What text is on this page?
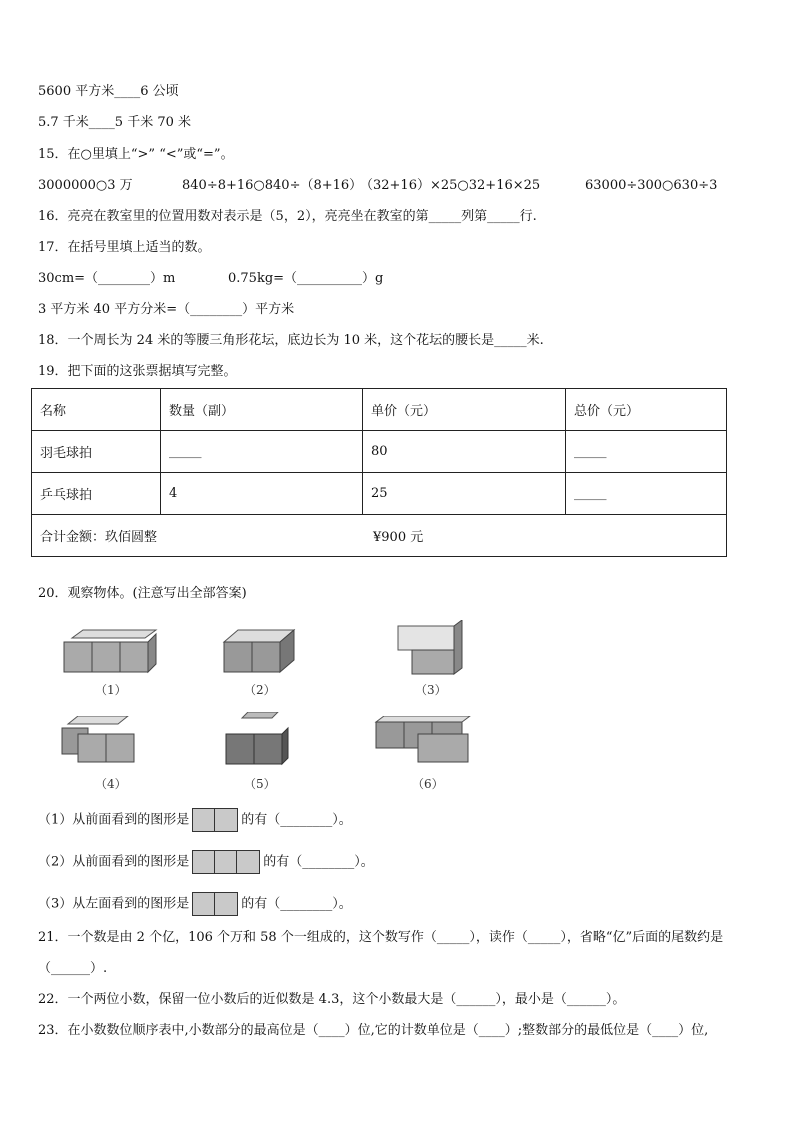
5600 平方米____6 公顷
5.7 千米____5 千米 70 米
15．在○里填上“>” “<”或“=”。
3000000○3 万	840÷8+16○840÷（8+16）
（32+16）×25○32+16×25	63000÷300○630÷3
16．亮亮在教室里的位置用数对表示是（5，2），亮亮坐在教室的第_____列第_____行.
17．在括号里填上适当的数。
30cm=（________）m	0.75kg=（__________）g
3 平方米 40 平方分米=（________）平方米
18．一个周长为 24 米的等腰三角形花坛，底边长为 10 米，这个花坛的腰长是_____米.
19．把下面的这张票据填写完整。
名称	数量（副）	单价（元）	总价（元）
羽毛球拍	_____	80	_____
乒乓球拍	4	25	_____
合计金额：玖佰圆整 ¥900 元			
20．观察物体。(注意写出全部答案)
（1）	（2）	（3）
（4）	（5）	（6）
（1）从前面看到的图形是	的有（________）。
（2）从前面看到的图形是	的有（________）。
（3）从左面看到的图形是	的有（________）。
21．一个数是由 2 个亿，106 个万和 58 个一组成的，这个数写作（_____），读作（_____），省略“亿”后面的尾数约是
（______）.
22．一个两位小数，保留一位小数后的近似数是 4.3，这个小数最大是（______），最小是（______）。
23．在小数数位顺序表中,小数部分的最高位是（____）位,它的计数单位是（____）;整数部分的最低位是（____）位,
